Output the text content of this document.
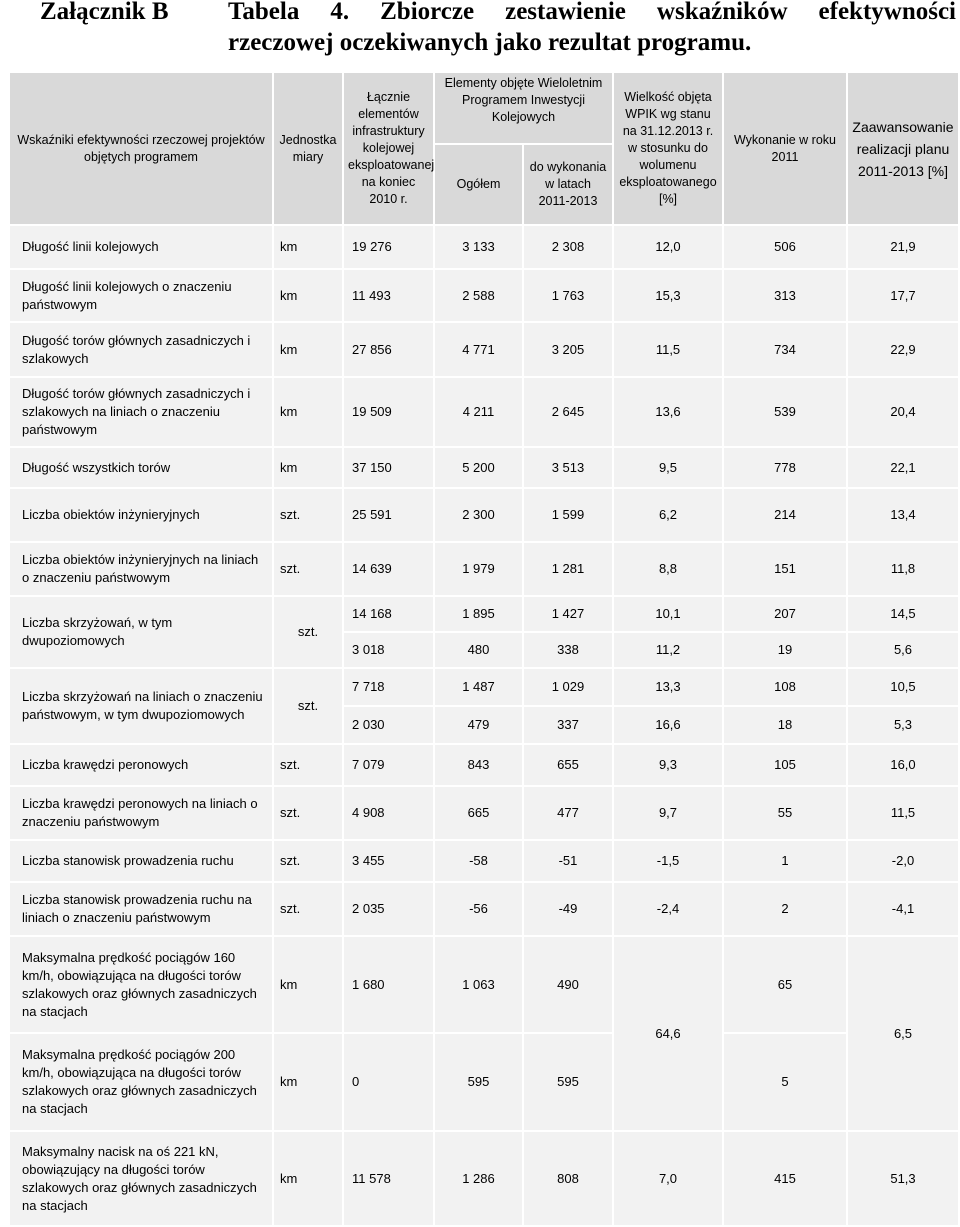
Załącznik B Tabela 4. Zbiorcze zestawienie wskaźników efektywności
rzeczowej oczekiwanych jako rezultat programu.
Wskaźniki efektywności rzeczowej projektów objętych programem	Jednostka miary	Łącznie elementów infrastruktury kolejowej eksploatowanej na koniec 2010 r.	Elementy objęte Wieloletnim Programem Inwestycji Kolejowych		Wielkość objęta WPIK wg stanu na 31.12.2013 r. w stosunku do wolumenu eksploatowanego [%]	Wykonanie w roku 2011	Zaawansowanie realizacji planu 2011-2013 [%]
			Ogółem	do wykonania w latach 2011-2013			
Długość linii kolejowych	km	19 276	3 133	2 308	12,0	506	21,9
Długość linii kolejowych o znaczeniu państwowym	km	11 493	2 588	1 763	15,3	313	17,7
Długość torów głównych zasadniczych i szlakowych	km	27 856	4 771	3 205	11,5	734	22,9
Długość torów głównych zasadniczych i szlakowych na liniach o znaczeniu państwowym	km	19 509	4 211	2 645	13,6	539	20,4
Długość wszystkich torów	km	37 150	5 200	3 513	9,5	778	22,1
Liczba obiektów inżynieryjnych	szt.	25 591	2 300	1 599	6,2	214	13,4
Liczba obiektów inżynieryjnych na liniach o znaczeniu państwowym	szt.	14 639	1 979	1 281	8,8	151	11,8
Liczba skrzyżowań, w tym dwupoziomowych	szt.	14 168	1 895	1 427	10,1	207	14,5
		3 018	480	338	11,2	19	5,6
Liczba skrzyżowań na liniach o znaczeniu państwowym, w tym dwupoziomowych	szt.	7 718	1 487	1 029	13,3	108	10,5
		2 030	479	337	16,6	18	5,3
Liczba krawędzi peronowych	szt.	7 079	843	655	9,3	105	16,0
Liczba krawędzi peronowych na liniach o znaczeniu państwowym	szt.	4 908	665	477	9,7	55	11,5
Liczba stanowisk prowadzenia ruchu	szt.	3 455	-58	-51	-1,5	1	-2,0
Liczba stanowisk prowadzenia ruchu na liniach o znaczeniu państwowym	szt.	2 035	-56	-49	-2,4	2	-4,1
Maksymalna prędkość pociągów 160 km/h, obowiązująca na długości torów szlakowych oraz głównych zasadniczych na stacjach	km	1 680	1 063	490	64,6	65	6,5
Maksymalna prędkość pociągów 200 km/h, obowiązująca na długości torów szlakowych oraz głównych zasadniczych na stacjach	km	0	595	595		5	
Maksymalny nacisk na oś 221 kN, obowiązujący na długości torów szlakowych oraz głównych zasadniczych na stacjach	km	11 578	1 286	808	7,0	415	51,3
